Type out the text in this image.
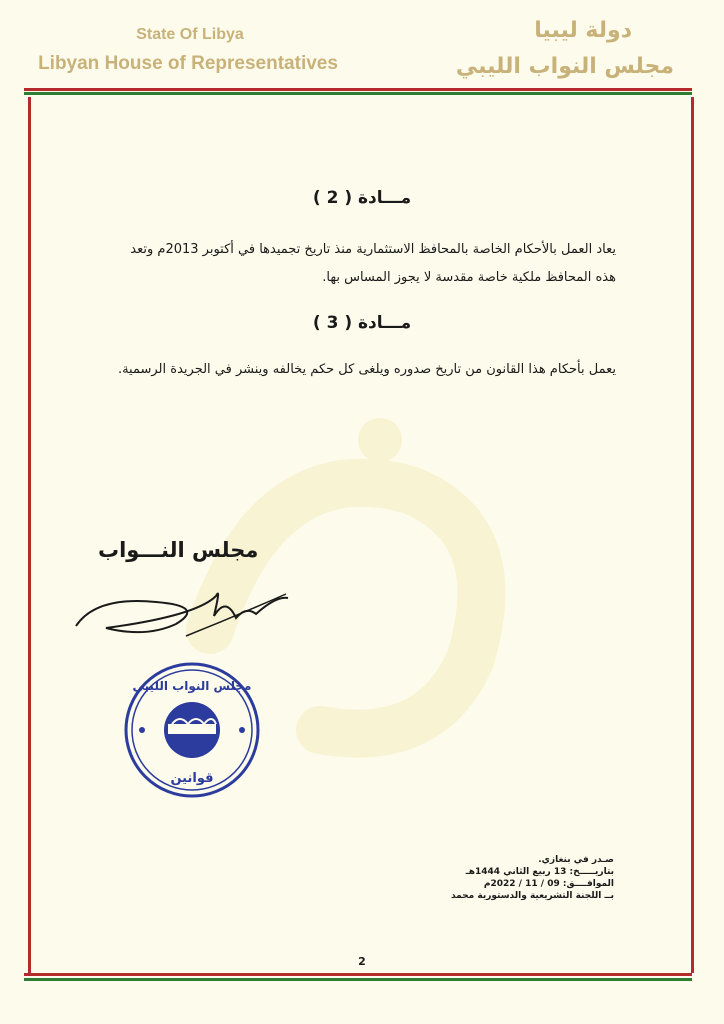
State Of Libya
Libyan House of Representatives
دولة ليبيا
مجلس النواب الليبي
مـــادة ( 2 )
يعاد العمل بالأحكام الخاصة بالمحافظ الاستثمارية منذ تاريخ تجميدها في أكتوبر 2013م وتعد هذه المحافظ ملكية خاصة مقدسة لا يجوز المساس بها.
مـــادة ( 3 )
يعمل بأحكام هذا القانون من تاريخ صدوره ويلغى كل حكم يخالفه وينشر في الجريدة الرسمية.
مجلس النـــواب
مجلس النواب الليبي
قوانين
صـدر في بنغازي.
بتاريـــــخ: 13 ربيع الثاني 1444هـ
الموافــــق: 09 / 11 / 2022م
بــ اللجنة التشريعية والدستورية محمد
2
